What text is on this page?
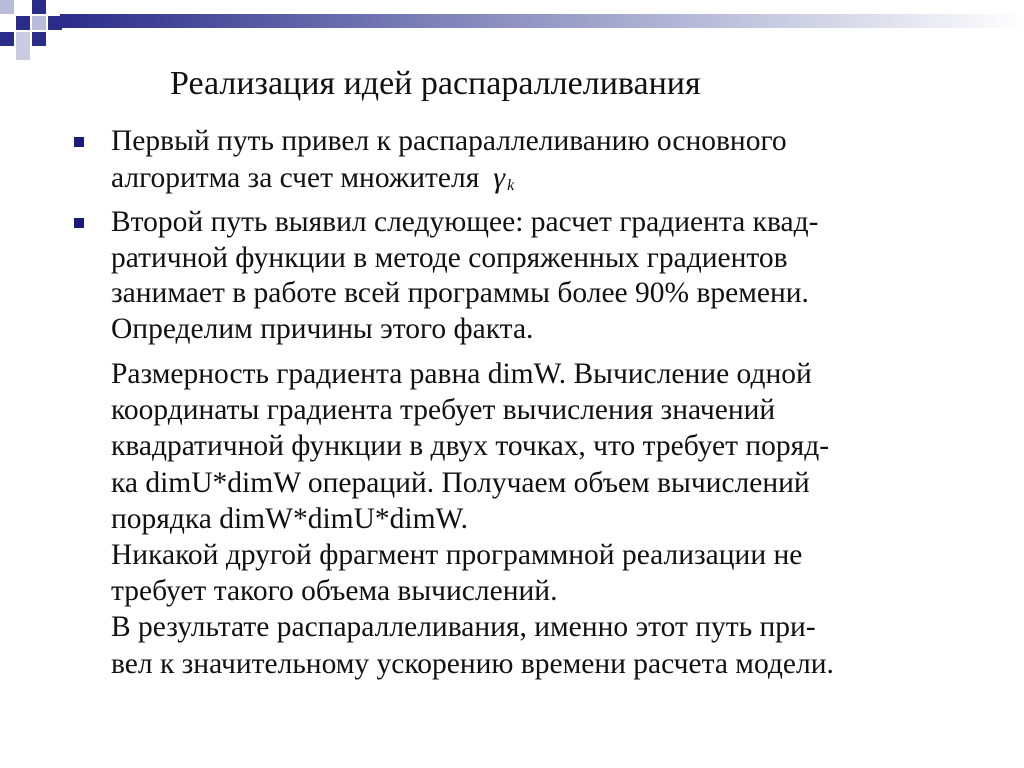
Реализация идей распараллеливания
Первый путь привел к распараллеливанию основного
алгоритма за счет множителя γ $_k$
Второй путь выявил следующее: расчет градиента квад-
ратичной функции в методе сопряженных градиентов
занимает в работе всей программы более 90% времени.
Определим причины этого факта.
Размерность градиента равна dimW. Вычисление одной
координаты градиента требует вычисления значений
квадратичной функции в двух точках, что требует поряд-
ка dimU*dimW операций. Получаем объем вычислений
порядка dimW*dimU*dimW.
Никакой другой фрагмент программной реализации не
требует такого объема вычислений.
В результате распараллеливания, именно этот путь при-
вел к значительному ускорению времени расчета модели.
